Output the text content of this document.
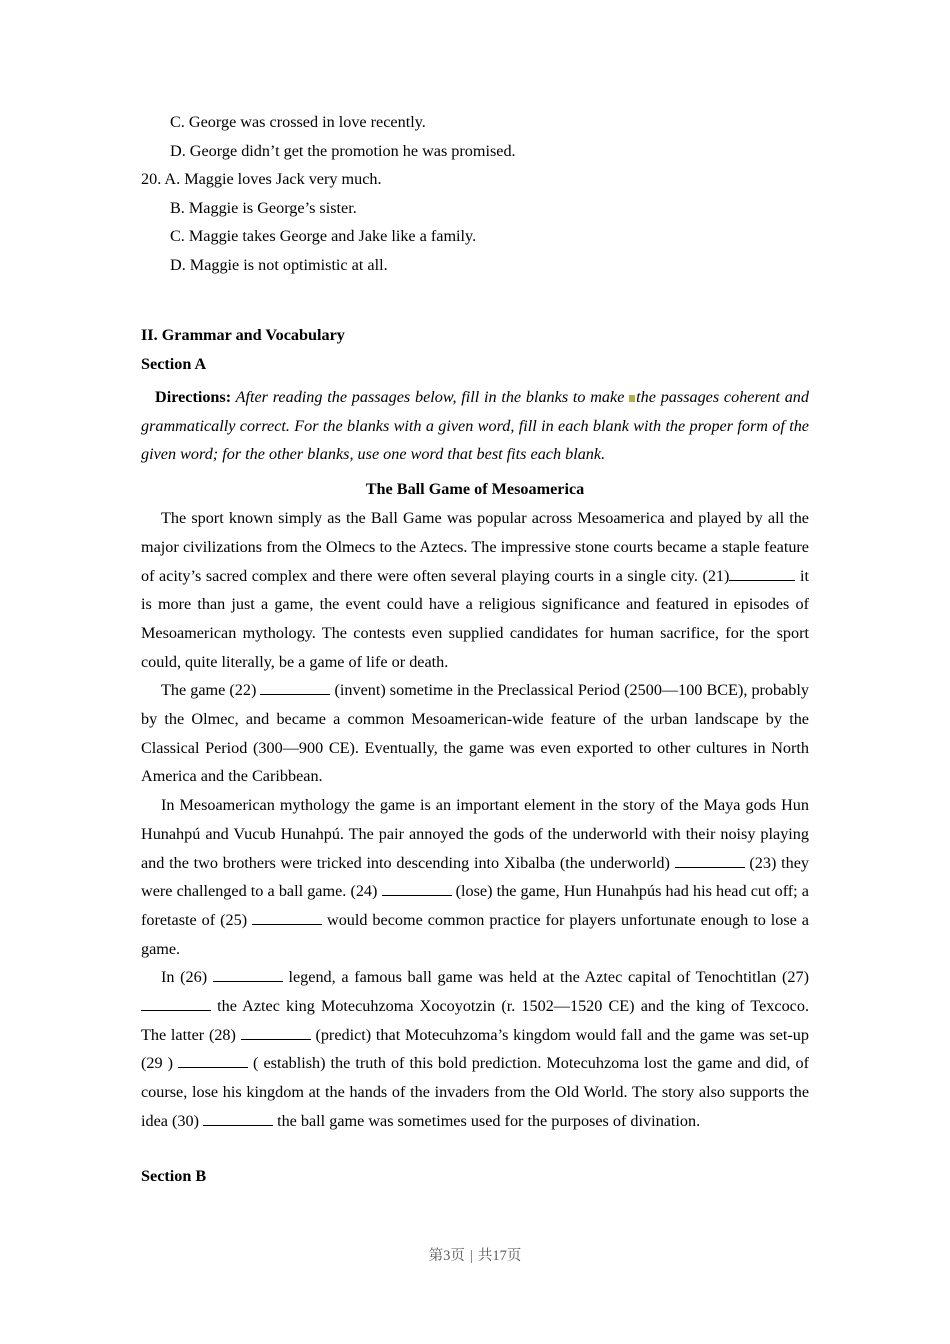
C. George was crossed in love recently.
D. George didn’t get the promotion he was promised.
20. A. Maggie loves Jack very much.
B. Maggie is George’s sister.
C. Maggie takes George and Jake like a family.
D. Maggie is not optimistic at all.
II. Grammar and Vocabulary
Section A
Directions: After reading the passages below, fill in the blanks to make the passages coherent and grammatically correct. For the blanks with a given word, fill in each blank with the proper form of the given word; for the other blanks, use one word that best fits each blank.
The Ball Game of Mesoamerica

The sport known simply as the Ball Game was popular across Mesoamerica and played by all the major civilizations from the Olmecs to the Aztecs. The impressive stone courts became a staple feature of acity’s sacred complex and there were often several playing courts in a single city. (21)	it is more than just a game, the event could have a religious significance and featured in episodes of Mesoamerican mythology. The contests even supplied candidates for human sacrifice, for the sport could, quite literally, be a game of life or death.

The game (22)	(invent) sometime in the Preclassical Period (2500—100 BCE), probably by the Olmec, and became a common Mesoamerican-wide feature of the urban landscape by the Classical Period (300—900 CE). Eventually, the game was even exported to other cultures in North America and the Caribbean.

In Mesoamerican mythology the game is an important element in the story of the Maya gods Hun Hunahpú and Vucub Hunahpú. The pair annoyed the gods of the underworld with their noisy playing and the two brothers were tricked into descending into Xibalba (the underworld)	(23) they were challenged to a ball game. (24)	(lose) the game, Hun Hunahpús had his head cut off; a foretaste of (25)	would become common practice for players unfortunate enough to lose a game.

In (26)	legend, a famous ball game was held at the Aztec capital of Tenochtitlan (27)  the Aztec king Motecuhzoma Xocoyotzin (r. 1502—1520 CE) and the king of Texcoco. The latter (28)	(predict) that Motecuhzoma’s kingdom would fall and the game was set-up (29 )	( establish) the truth of this bold prediction. Motecuhzoma lost the game and did, of course, lose his kingdom at the hands of the invaders from the Old World. The story also supports the idea (30)	the ball game was sometimes used for the purposes of divination.

Section B
第3页 | 共17页
